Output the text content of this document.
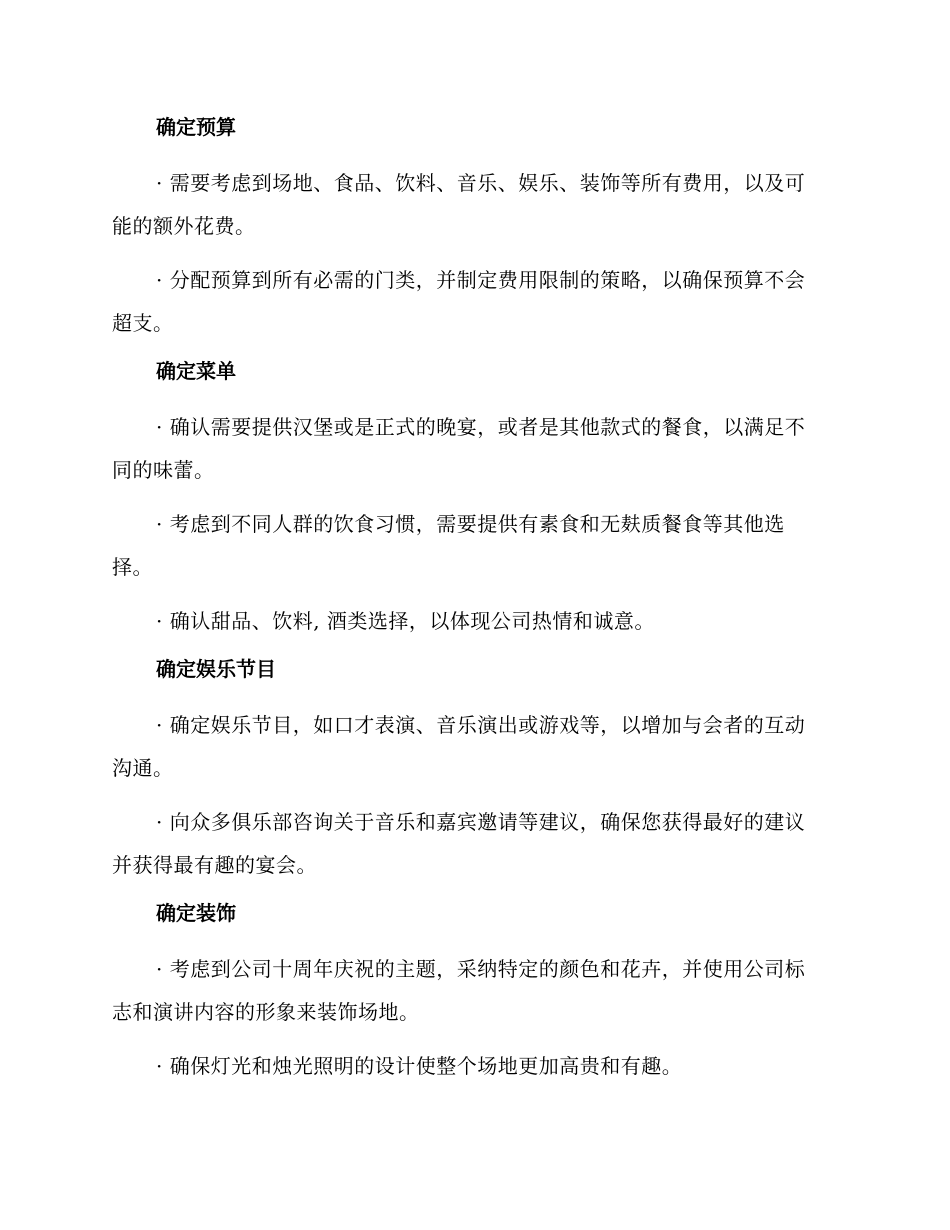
确定预算

· 需要考虑到场地、食品、饮料、音乐、娱乐、装饰等所有费用，以及可能的额外花费。

· 分配预算到所有必需的门类，并制定费用限制的策略，以确保预算不会超支。

确定菜单

· 确认需要提供汉堡或是正式的晚宴，或者是其他款式的餐食，以满足不同的味蕾。

· 考虑到不同人群的饮食习惯，需要提供有素食和无麸质餐食等其他选择。

· 确认甜品、饮料, 酒类选择，以体现公司热情和诚意。

确定娱乐节目

· 确定娱乐节目，如口才表演、音乐演出或游戏等，以增加与会者的互动沟通。

· 向众多俱乐部咨询关于音乐和嘉宾邀请等建议，确保您获得最好的建议并获得最有趣的宴会。

确定装饰

· 考虑到公司十周年庆祝的主题，采纳特定的颜色和花卉，并使用公司标志和演讲内容的形象来装饰场地。

· 确保灯光和烛光照明的设计使整个场地更加高贵和有趣。
